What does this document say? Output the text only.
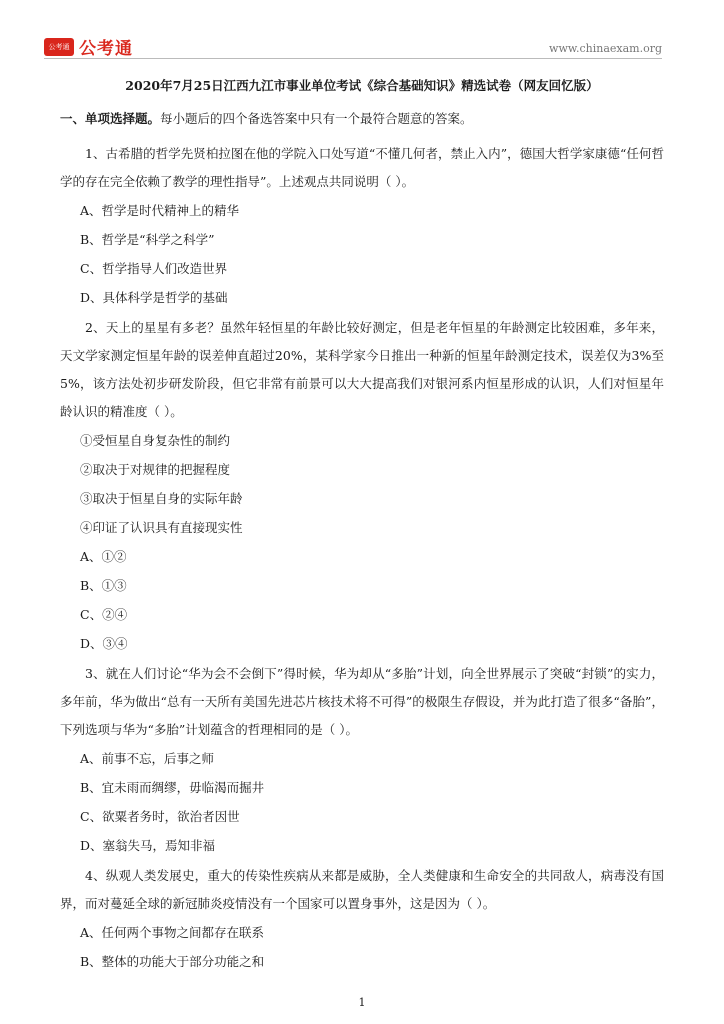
公考通 公考通	www.chinaexam.org

2020年7月25日江西九江市事业单位考试《综合基础知识》精选试卷（网友回忆版）

一、单项选择题。每小题后的四个备选答案中只有一个最符合题意的答案。

1、古希腊的哲学先贤柏拉图在他的学院入口处写道“不懂几何者，禁止入内”，德国大哲学家康德“任何哲学的存在完全依赖了教学的理性指导”。上述观点共同说明（ ）。

A、哲学是时代精神上的精华

B、哲学是“科学之科学”

C、哲学指导人们改造世界

D、具体科学是哲学的基础

2、天上的星星有多老？虽然年轻恒星的年龄比较好测定，但是老年恒星的年龄测定比较困难，多年来，天文学家测定恒星年龄的误差伸直超过20%，某科学家今日推出一种新的恒星年龄测定技术，误差仅为3%至5%，该方法处初步研发阶段，但它非常有前景可以大大提高我们对银河系内恒星形成的认识，人们对恒星年龄认识的精准度（ ）。

①受恒星自身复杂性的制约

②取决于对规律的把握程度

③取决于恒星自身的实际年龄

④印证了认识具有直接现实性

A、①②

B、①③

C、②④

D、③④

3、就在人们讨论“华为会不会倒下”得时候，华为却从“多胎”计划，向全世界展示了突破“封锁”的实力，多年前，华为做出“总有一天所有美国先进芯片核技术将不可得”的极限生存假设，并为此打造了很多“备胎”，下列选项与华为“多胎”计划蕴含的哲理相同的是（ ）。

A、前事不忘，后事之师

B、宜未雨而绸缪，毋临渴而掘井

C、欲粟者务时，欲治者因世

D、塞翁失马，焉知非福

4、纵观人类发展史，重大的传染性疾病从来都是威胁，全人类健康和生命安全的共同敌人，病毒没有国界，而对蔓延全球的新冠肺炎疫情没有一个国家可以置身事外，这是因为（ ）。

A、任何两个事物之间都存在联系

B、整体的功能大于部分功能之和

1
